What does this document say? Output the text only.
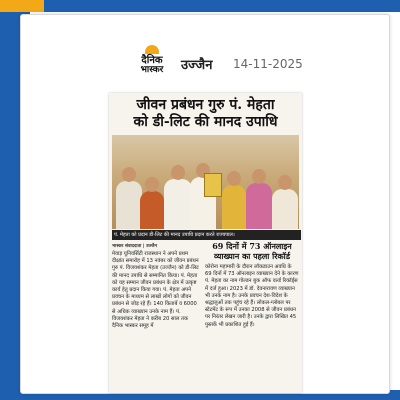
दैनिक
भास्कर	उज्जैन 14-11-2025
जीवन प्रबंधन गुरु पं. मेहता
को डी-लिट की मानद उपाधि
पं. मेहता को प्रदान डी-लिट की मानद उपाधि प्रदान करते राज्यपाल।
भास्कर संवाददाता | उज्जैन

मेवाड़ यूनिवर्सिटी राजस्थान ने अपने प्रथम दीक्षांत समारोह में 13 नवंबर को जीवन प्रबंधन गुरु पं. विजयशंकर मेहता (उज्जैन) को डी-लिट की मानद उपाधि से सम्मानित किया। पं. मेहता को यह सम्मान जीवन प्रबंधन के क्षेत्र में उत्कृष्ट कार्य हेतु प्रदान किया गया। पं. मेहता अपने प्रवचन के माध्यम से लाखों लोगों को जीवन प्रबंधन से जोड़ रहे हैं। 140 किताबें व 6000 से अधिक व्याख्यान उनके नाम हैं। पं. विजयशंकर मेहता ने करीब 20 साल तक दैनिक भास्कर समूह में

69 दिनों में 73 ऑनलाइन
व्याख्यान का पहला रिकॉर्ड

कोरोना महामारी के दौरान लॉकडाउन अवधि के 69 दिनों में 73 ऑनलाइन व्याख्यान देने के कारण पं. मेहता का नाम गोल्डन बुक ऑफ वर्ल्ड रिकॉर्ड्स में दर्ज हुआ। 2023 में डॉ. देवनारायण व्याख्यान भी उनके नाम है। उनके प्रवचन देश-विदेश के श्रद्धालुओं तक पहुंच रहे हैं। लोकल-ग्लोबल पर स्टेटमेंट के रूप में उनका 2008 से जीवन प्रबंधन पर निरंतर लेखन जारी है। उनके द्वारा लिखित 45 पुस्तकें भी प्रकाशित हुई हैं।
